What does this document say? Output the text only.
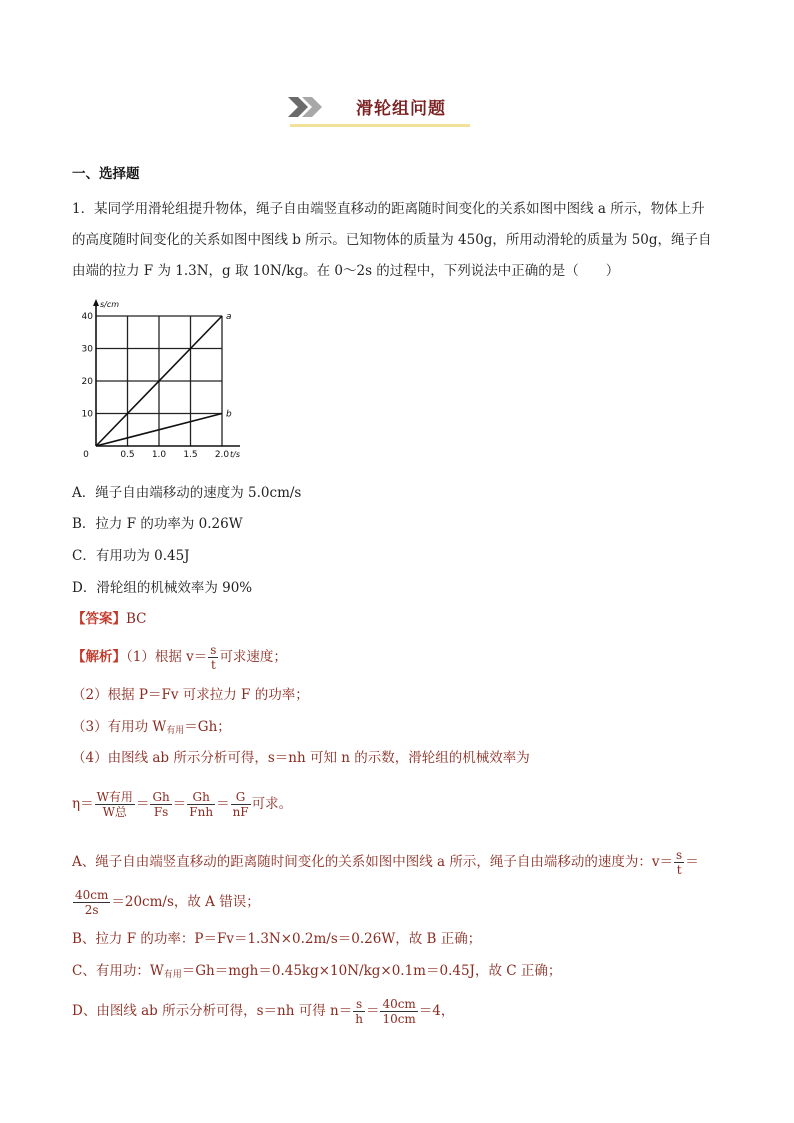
滑轮组问题
一、选择题
1．某同学用滑轮组提升物体，绳子自由端竖直移动的距离随时间变化的关系如图中图线 a 所示，物体上升
的高度随时间变化的关系如图中图线 b 所示。已知物体的质量为 450g，所用动滑轮的质量为 50g，绳子自
由端的拉力 F 为 1.3N，g 取 10N/kg。在 0～2s 的过程中，下列说法中正确的是（　　）
0	0.5 1.0 1.5 2.0
10
20
30
40
s/cm
t/s
a
b
A．绳子自由端移动的速度为 5.0cm/s
B．拉力 F 的功率为 0.26W
C．有用功为 0.45J
D．滑轮组的机械效率为 90%
【答案】BC
【解析】（1）根据 $v= \frac{s}{t}$ 可求速度；
（2）根据 P＝Fv 可求拉力 F 的功率；
（3）有用功 $W_{有用}=Gh$；
（4）由图线 ab 所示分析可得，s＝nh 可知 n 的示数，滑轮组的机械效率为
$\eta= \frac{\text{W有用}}{\text{W总}} = \frac{Gh}{Fs} = \frac{Gh}{\text{Fnh}} = \frac{G}{nF}$ 可求。
A、绳子自由端竖直移动的距离随时间变化的关系如图中图线 a 所示，绳子自由端移动的速度为：$v= \frac{s}{t}$ ＝
$\frac{40cm}{2s} =20cm/s$，故 A 错误；
B、拉力 F 的功率：P＝Fv＝1.3N×0.2m/s＝0.26W，故 B 正确；
C、有用功：$W_{有用}=Gh=mgh=0.45kg\times 10N/kg\times 0.1m=0.45J$，故 C 正确；
D、由图线 ab 所示分析可得，s＝nh 可得 $n= \frac{s}{h} = \frac{40cm}{10cm} =4$，
